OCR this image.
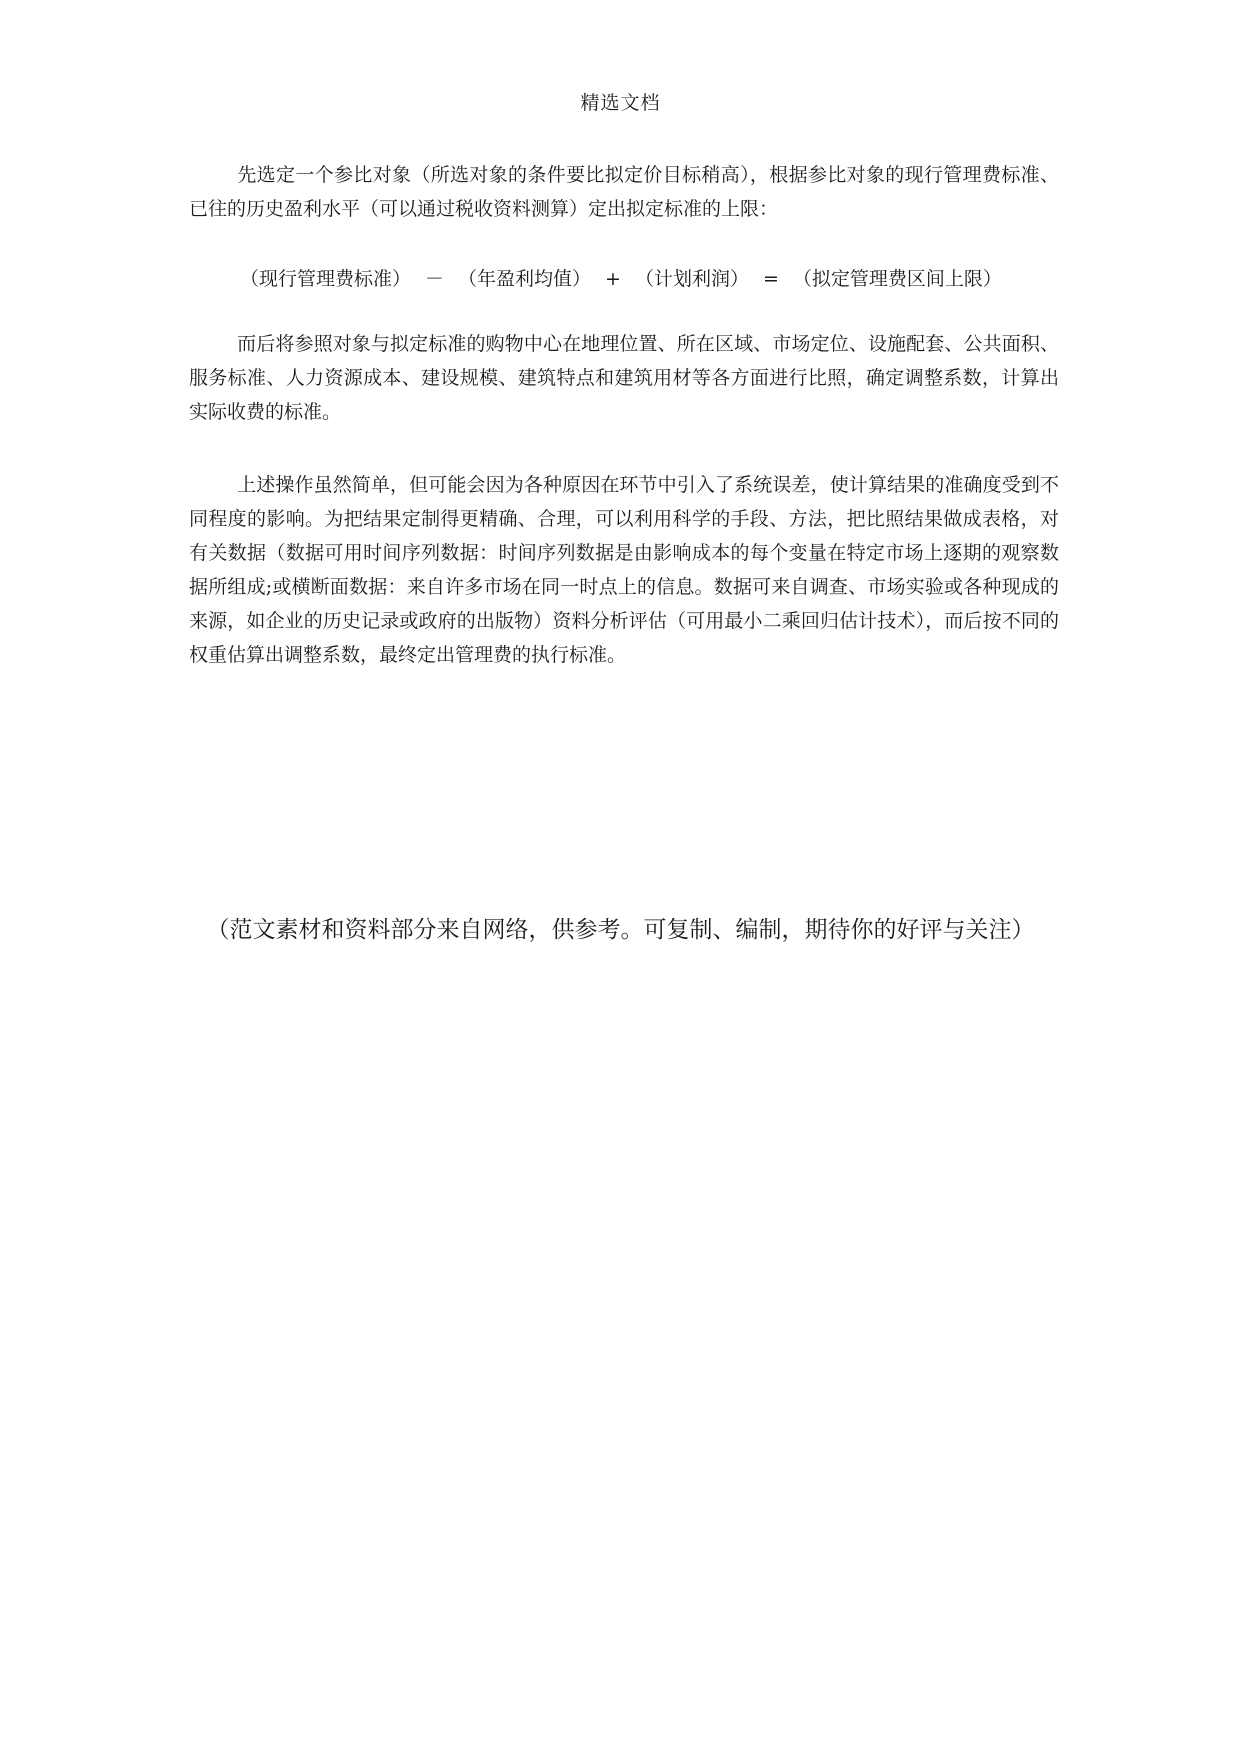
精选文档

先选定一个参比对象（所选对象的条件要比拟定价目标稍高），根据参比对象的现行管理费标准、已往的历史盈利水平（可以通过税收资料测算）定出拟定标准的上限：

（现行管理费标准） － （年盈利均值） + （计划利润） = （拟定管理费区间上限）

而后将参照对象与拟定标准的购物中心在地理位置、所在区域、市场定位、设施配套、公共面积、服务标准、人力资源成本、建设规模、建筑特点和建筑用材等各方面进行比照，确定调整系数，计算出实际收费的标准。

上述操作虽然简单，但可能会因为各种原因在环节中引入了系统误差，使计算结果的准确度受到不同程度的影响。为把结果定制得更精确、合理，可以利用科学的手段、方法，把比照结果做成表格，对有关数据（数据可用时间序列数据：时间序列数据是由影响成本的每个变量在特定市场上逐期的观察数据所组成;或横断面数据：来自许多市场在同一时点上的信息。数据可来自调查、市场实验或各种现成的来源，如企业的历史记录或政府的出版物）资料分析评估（可用最小二乘回归估计技术），而后按不同的权重估算出调整系数，最终定出管理费的执行标准。

（范文素材和资料部分来自网络，供参考。可复制、编制，期待你的好评与关注）
